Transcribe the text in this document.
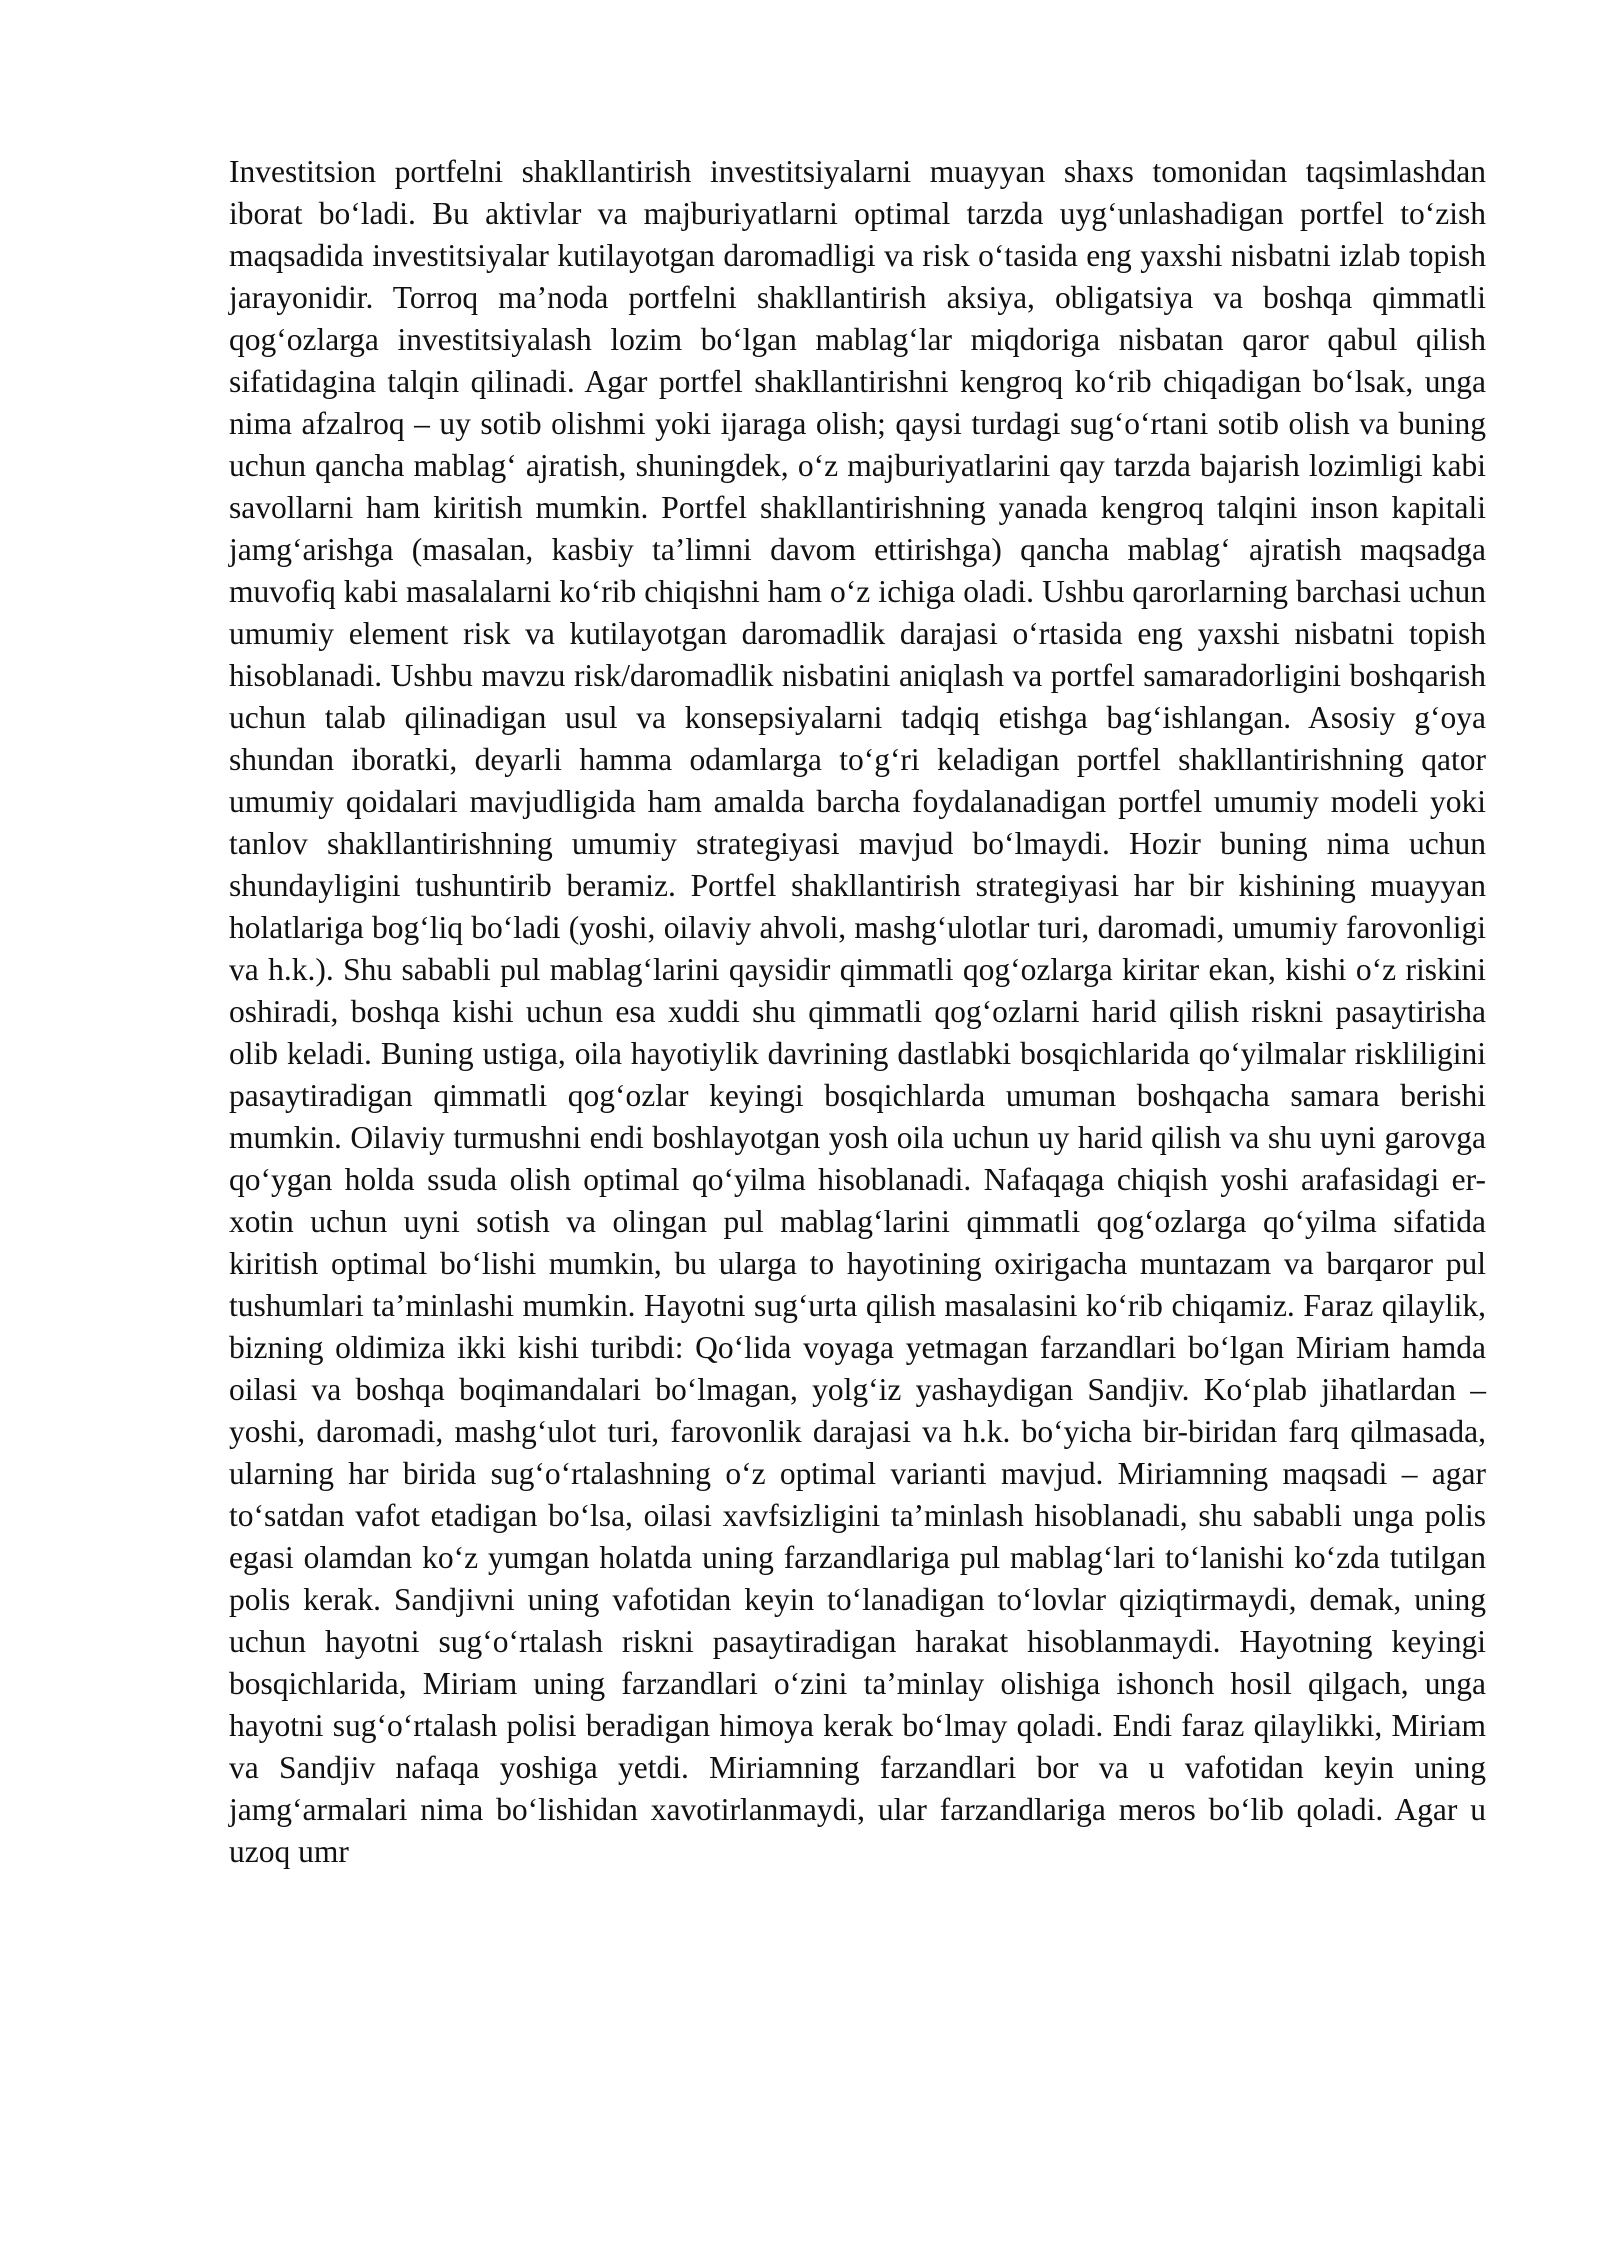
Investitsion portfelni shakllantirish investitsiyalarni muayyan shaxs tomonidan taqsimlashdan iborat bo‘ladi. Bu aktivlar va majburiyatlarni optimal tarzda uyg‘unlashadigan portfel to‘zish maqsadida investitsiyalar kutilayotgan daromadligi va risk o‘tasida eng yaxshi nisbatni izlab topish jarayonidir. Torroq ma’noda portfelni shakllantirish aksiya, obligatsiya va boshqa qimmatli qog‘ozlarga investitsiyalash lozim bo‘lgan mablag‘lar miqdoriga nisbatan qaror qabul qilish sifatidagina talqin qilinadi. Agar portfel shakllantirishni kengroq ko‘rib chiqadigan bo‘lsak, unga nima afzalroq – uy sotib olishmi yoki ijaraga olish; qaysi turdagi sug‘o‘rtani sotib olish va buning uchun qancha mablag‘ ajratish, shuningdek, o‘z majburiyatlarini qay tarzda bajarish lozimligi kabi savollarni ham kiritish mumkin. Portfel shakllantirishning yanada kengroq talqini inson kapitali jamg‘arishga (masalan, kasbiy ta’limni davom ettirishga) qancha mablag‘ ajratish maqsadga muvofiq kabi masalalarni ko‘rib chiqishni ham o‘z ichiga oladi. Ushbu qarorlarning barchasi uchun umumiy element risk va kutilayotgan daromadlik darajasi o‘rtasida eng yaxshi nisbatni topish hisoblanadi. Ushbu mavzu risk/daromadlik nisbatini aniqlash va portfel samaradorligini boshqarish uchun talab qilinadigan usul va konsepsiyalarni tadqiq etishga bag‘ishlangan. Asosiy g‘oya shundan iboratki, deyarli hamma odamlarga to‘g‘ri keladigan portfel shakllantirishning qator umumiy qoidalari mavjudligida ham amalda barcha foydalanadigan portfel umumiy modeli yoki tanlov shakllantirishning umumiy strategiyasi mavjud bo‘lmaydi. Hozir buning nima uchun shundayligini tushuntirib beramiz. Portfel shakllantirish strategiyasi har bir kishining muayyan holatlariga bog‘liq bo‘ladi (yoshi, oilaviy ahvoli, mashg‘ulotlar turi, daromadi, umumiy farovonligi va h.k.). Shu sababli pul mablag‘larini qaysidir qimmatli qog‘ozlarga kiritar ekan, kishi o‘z riskini oshiradi, boshqa kishi uchun esa xuddi shu qimmatli qog‘ozlarni harid qilish riskni pasaytirisha olib keladi. Buning ustiga, oila hayotiylik davrining dastlabki bosqichlarida qo‘yilmalar riskliligini pasaytiradigan qimmatli qog‘ozlar keyingi bosqichlarda umuman boshqacha samara berishi mumkin. Oilaviy turmushni endi boshlayotgan yosh oila uchun uy harid qilish va shu uyni garovga qo‘ygan holda ssuda olish optimal qo‘yilma hisoblanadi. Nafaqaga chiqish yoshi arafasidagi er-xotin uchun uyni sotish va olingan pul mablag‘larini qimmatli qog‘ozlarga qo‘yilma sifatida kiritish optimal bo‘lishi mumkin, bu ularga to hayotining oxirigacha muntazam va barqaror pul tushumlari ta’minlashi mumkin. Hayotni sug‘urta qilish masalasini ko‘rib chiqamiz. Faraz qilaylik, bizning oldimiza ikki kishi turibdi: Qo‘lida voyaga yetmagan farzandlari bo‘lgan Miriam hamda oilasi va boshqa boqimandalari bo‘lmagan, yolg‘iz yashaydigan Sandjiv. Ko‘plab jihatlardan – yoshi, daromadi, mashg‘ulot turi, farovonlik darajasi va h.k. bo‘yicha bir-biridan farq qilmasada, ularning har birida sug‘o‘rtalashning o‘z optimal varianti mavjud. Miriamning maqsadi – agar to‘satdan vafot etadigan bo‘lsa, oilasi xavfsizligini ta’minlash hisoblanadi, shu sababli unga polis egasi olamdan ko‘z yumgan holatda uning farzandlariga pul mablag‘lari to‘lanishi ko‘zda tutilgan polis kerak. Sandjivni uning vafotidan keyin to‘lanadigan to‘lovlar qiziqtirmaydi, demak, uning uchun hayotni sug‘o‘rtalash riskni pasaytiradigan harakat hisoblanmaydi. Hayotning keyingi bosqichlarida, Miriam uning farzandlari o‘zini ta’minlay olishiga ishonch hosil qilgach, unga hayotni sug‘o‘rtalash polisi beradigan himoya kerak bo‘lmay qoladi. Endi faraz qilaylikki, Miriam va Sandjiv nafaqa yoshiga yetdi. Miriamning farzandlari bor va u vafotidan keyin uning jamg‘armalari nima bo‘lishidan xavotirlanmaydi, ular farzandlariga meros bo‘lib qoladi. Agar u uzoq umr
